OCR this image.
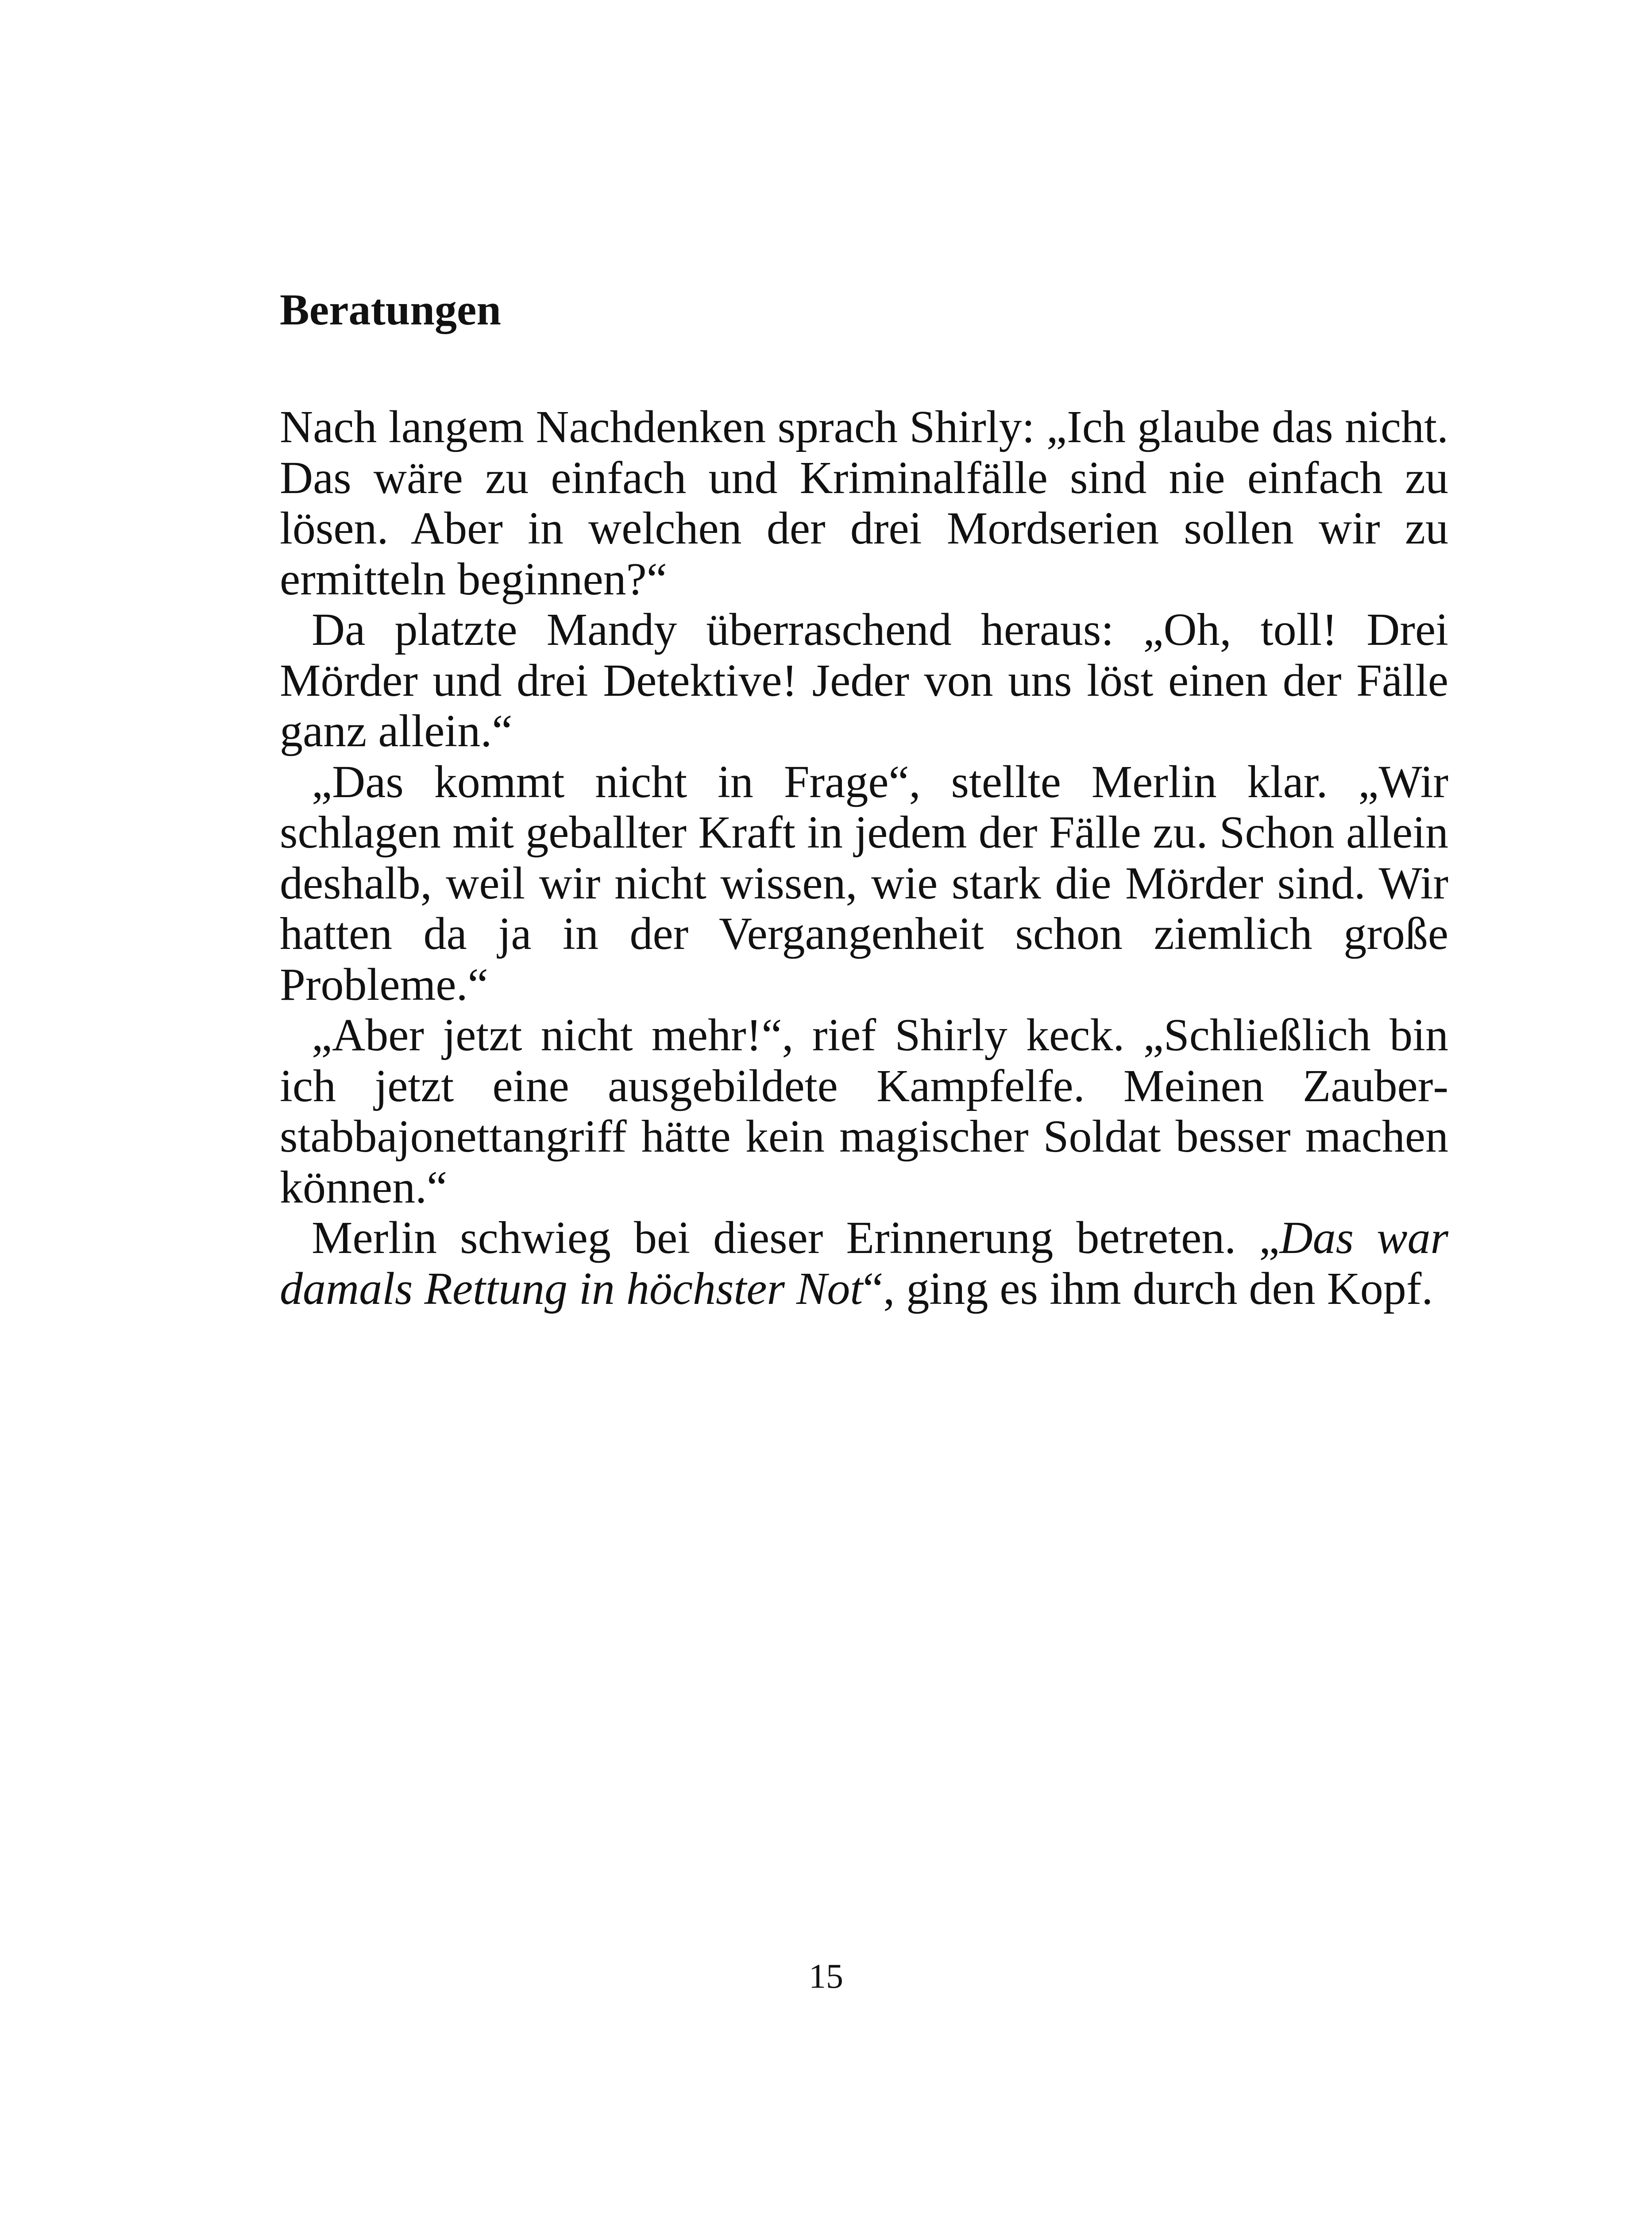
Beratungen

Nach langem Nachdenken sprach Shirly: „Ich glaube das nicht. Das wäre zu einfach und Kriminalfälle sind nie einfach zu lösen. Aber in welchen der drei Mordserien sollen wir zu ermitteln beginnen?“

Da platzte Mandy überraschend heraus: „Oh, toll! Drei Mörder und drei Detektive! Jeder von uns löst einen der Fälle ganz allein.“

„Das kommt nicht in Frage“, stellte Merlin klar. „Wir schlagen mit geballter Kraft in jedem der Fälle zu. Schon allein deshalb, weil wir nicht wissen, wie stark die Mörder sind. Wir hatten da ja in der Vergangenheit schon ziemlich große Probleme.“

„Aber jetzt nicht mehr!“, rief Shirly keck. „Schließlich bin ich jetzt eine ausgebildete Kampfelfe. Meinen Zauberstabbajonettangriff hätte kein magischer Soldat besser machen können.“

Merlin schwieg bei dieser Erinnerung betreten. „Das war damals Rettung in höchster Not“, ging es ihm durch den Kopf.

15
